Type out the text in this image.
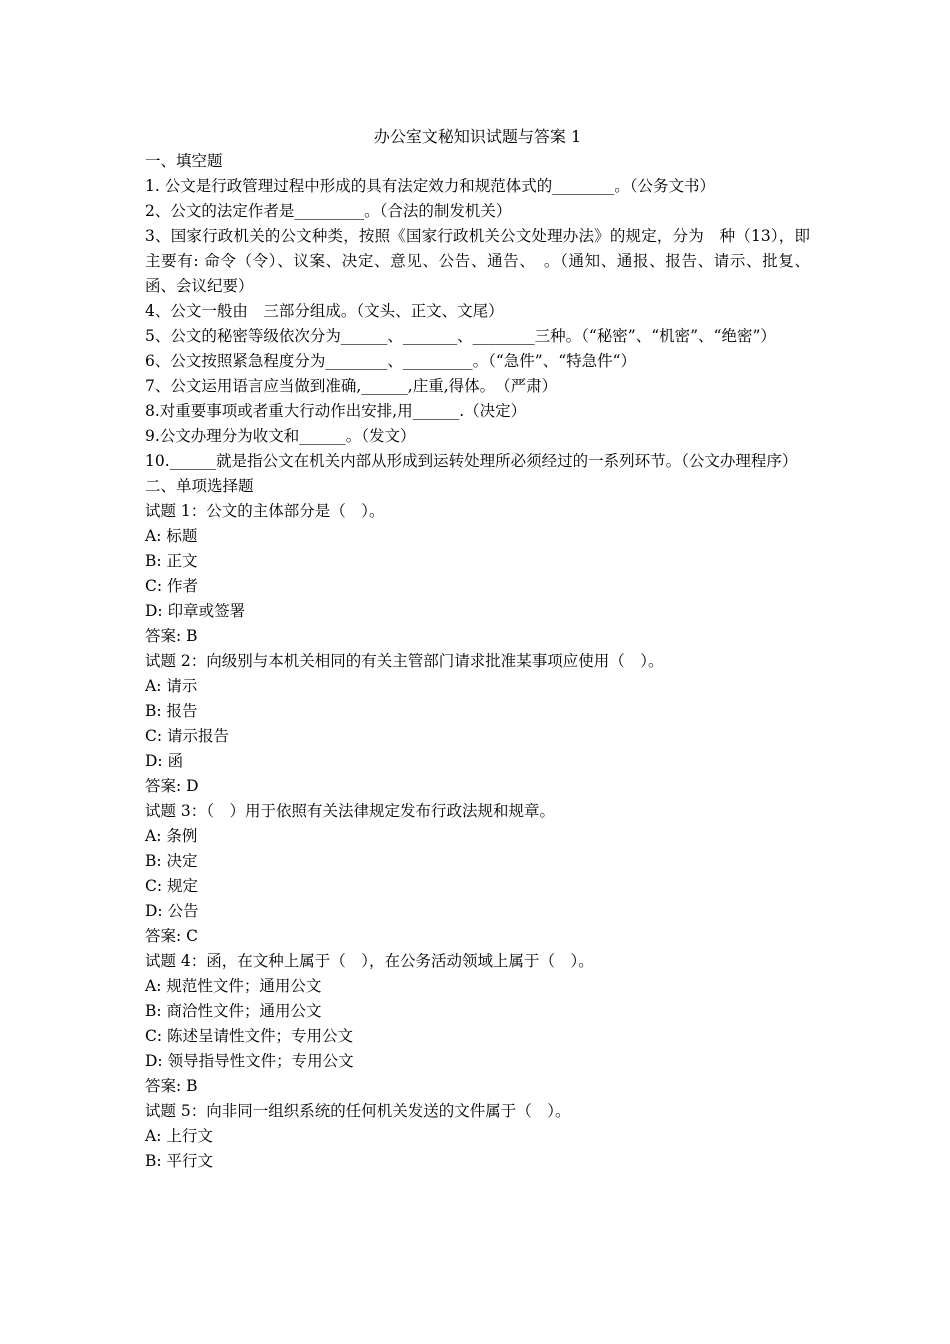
办公室文秘知识试题与答案 1
一、填空题
1. 公文是行政管理过程中形成的具有法定效力和规范体式的________。（公务文书）
2、公文的法定作者是_________。（合法的制发机关）
3、国家行政机关的公文种类，按照《国家行政机关公文处理办法》的规定，分为　种（13），即主要有: 命令（令）、议案、决定、意见、公告、通告、　。（通知、通报、报告、请示、批复、函、会议纪要）
4、公文一般由　三部分组成。（文头、正文、文尾）
5、公文的秘密等级依次分为______、_______、________三种。（“秘密”、“机密”、“绝密”）
6、公文按照紧急程度分为________、_________。（“急件”、“特急件“）
7、公文运用语言应当做到准确,______,庄重,得体。　（严肃）
8.对重要事项或者重大行动作出安排,用______.（决定）
9.公文办理分为收文和______。（发文）
10.______就是指公文在机关内部从形成到运转处理所必须经过的一系列环节。（公文办理程序）
二、单项选择题
试题 1：公文的主体部分是（　）。
A: 标题
B: 正文
C: 作者
D: 印章或签署
答案: B
试题 2：向级别与本机关相同的有关主管部门请求批准某事项应使用（　）。
A: 请示
B: 报告
C: 请示报告
D: 函
答案: D
试题 3：（　）用于依照有关法律规定发布行政法规和规章。
A: 条例
B: 决定
C: 规定
D: 公告
答案: C
试题 4：函，在文种上属于（　），在公务活动领域上属于（　）。
A: 规范性文件；通用公文
B: 商洽性文件；通用公文
C: 陈述呈请性文件；专用公文
D: 领导指导性文件；专用公文
答案: B
试题 5：向非同一组织系统的任何机关发送的文件属于（　）。
A: 上行文
B: 平行文
